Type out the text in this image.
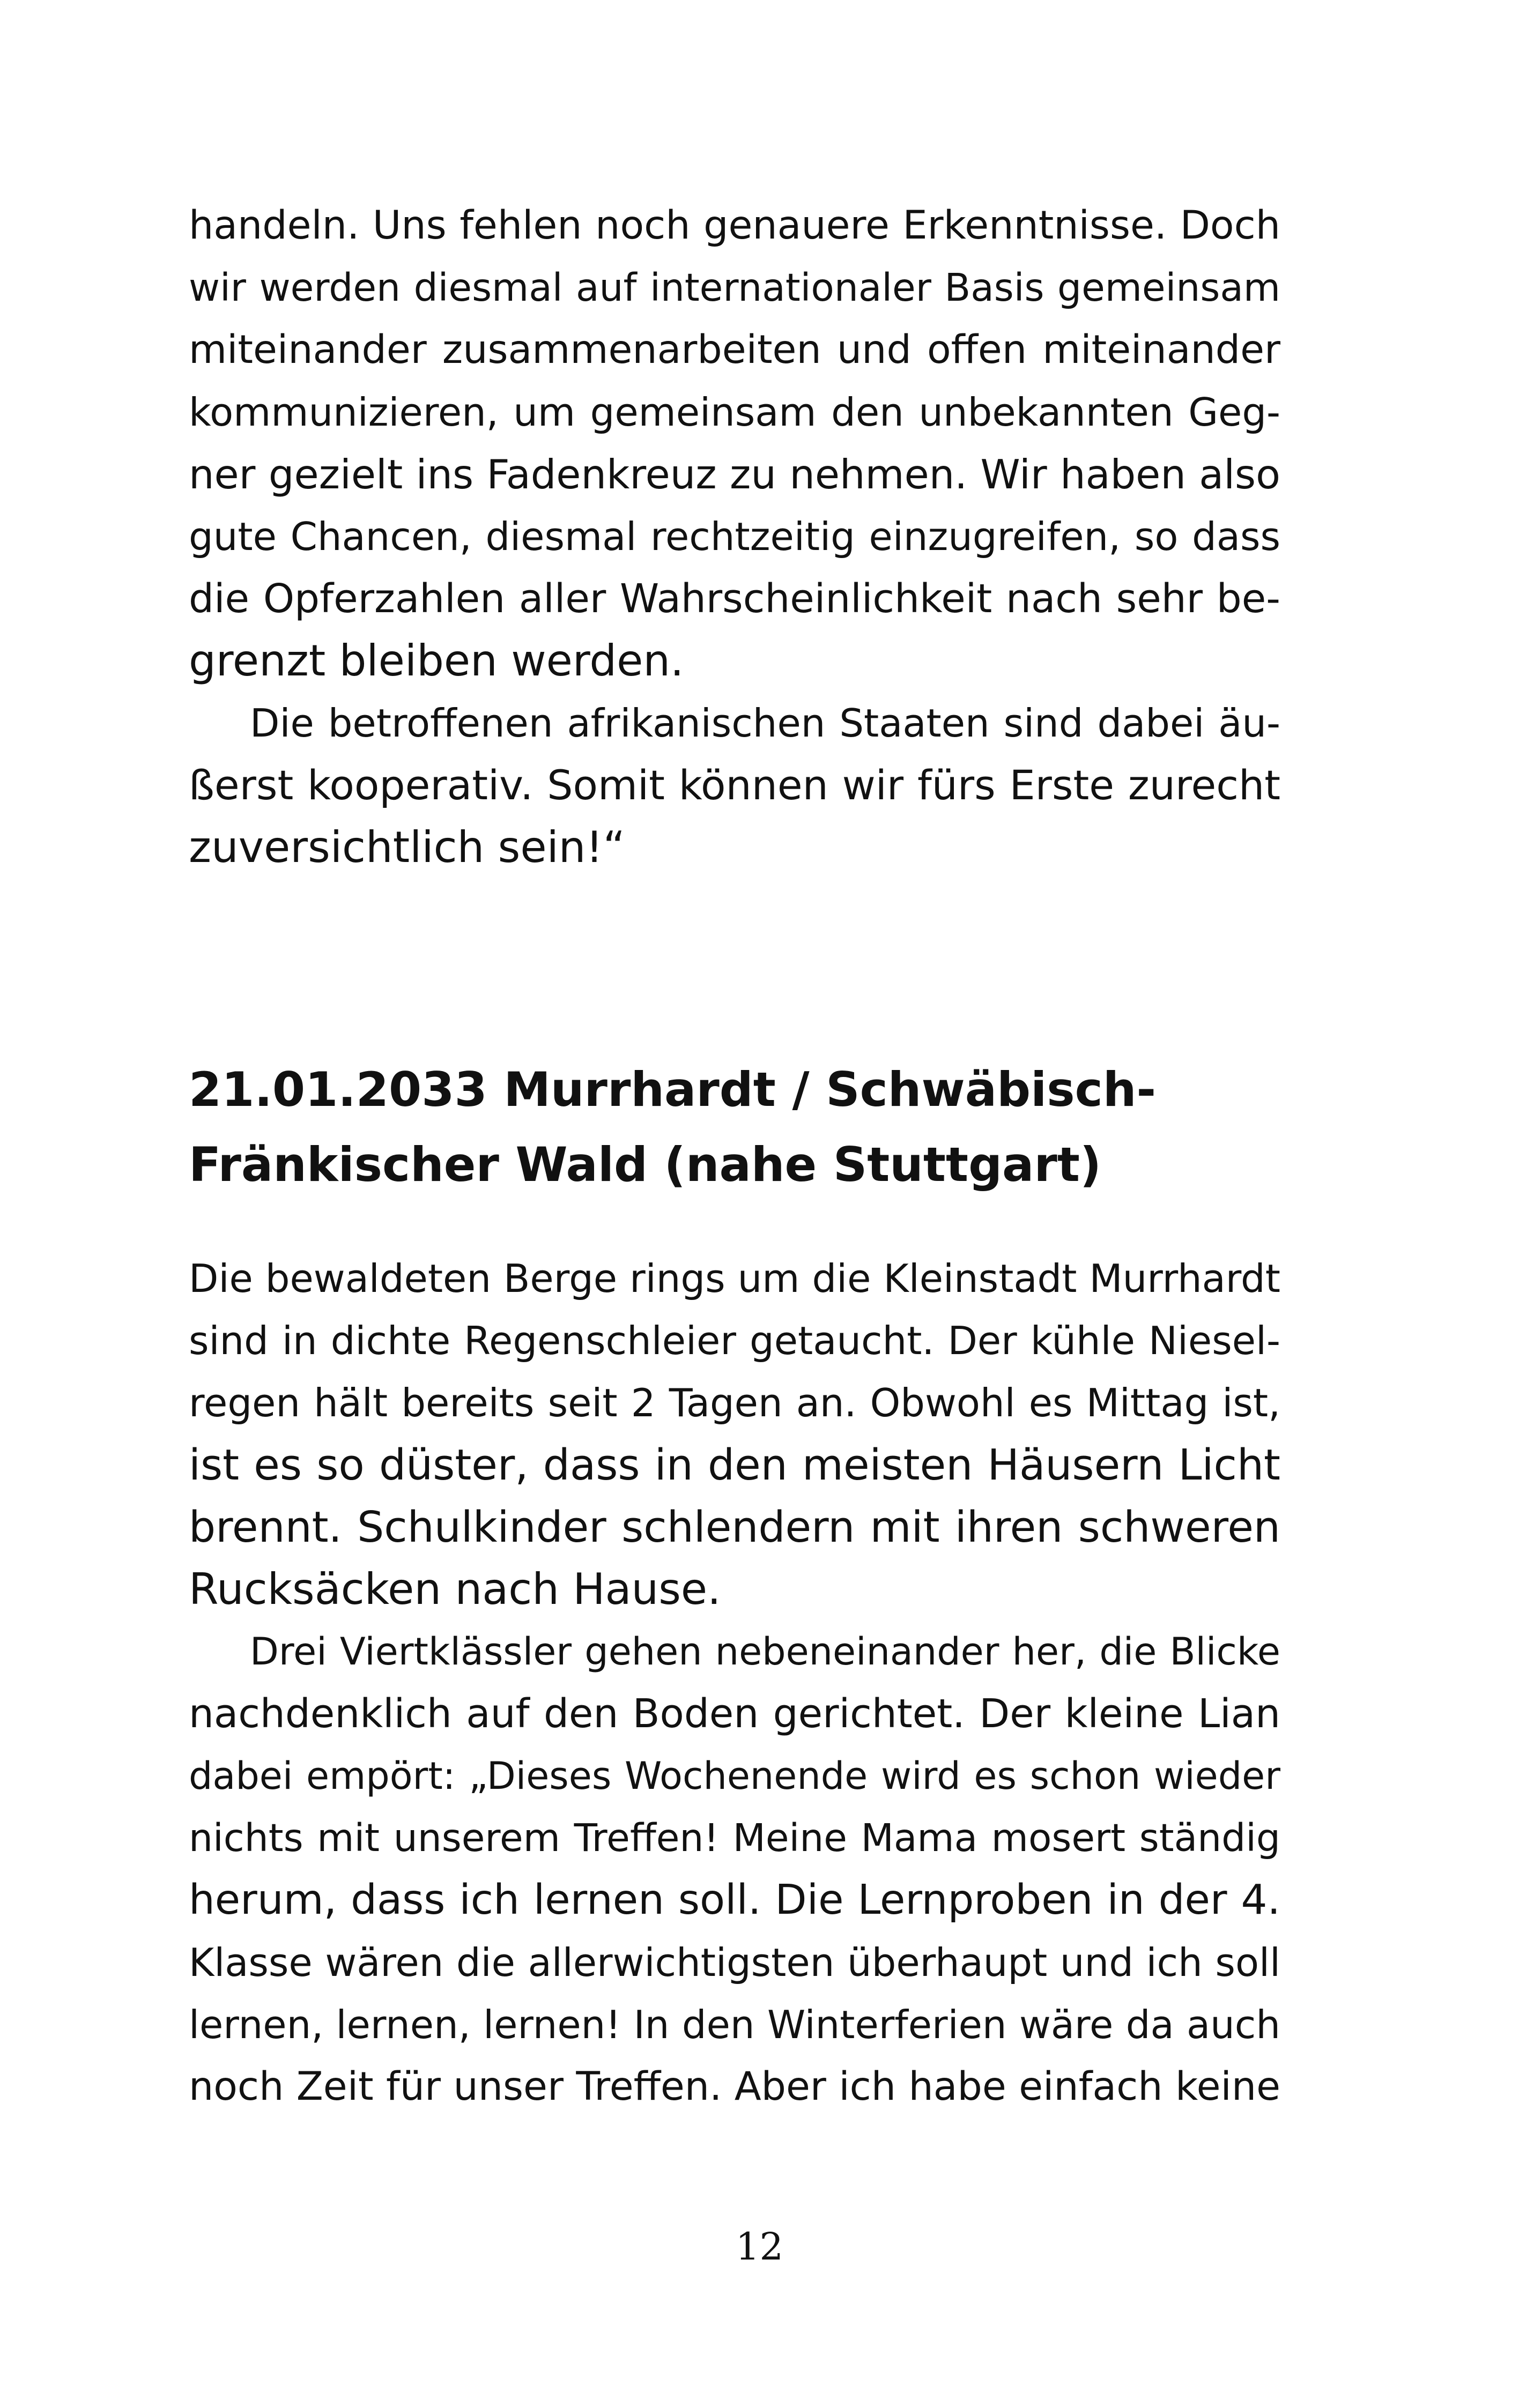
handeln. Uns fehlen noch genauere Erkenntnisse. Doch
wir werden diesmal auf internationaler Basis gemeinsam
miteinander zusammenarbeiten und offen miteinander
kommunizieren, um gemeinsam den unbekannten Geg-
ner gezielt ins Fadenkreuz zu nehmen. Wir haben also
gute Chancen, diesmal rechtzeitig einzugreifen, so dass
die Opferzahlen aller Wahrscheinlichkeit nach sehr be-
grenzt bleiben werden.
Die betroffenen afrikanischen Staaten sind dabei äu-
ßerst kooperativ. Somit können wir fürs Erste zurecht
zuversichtlich sein!“
21.01.2033 Murrhardt / Schwäbisch-
Fränkischer Wald (nahe Stuttgart)
Die bewaldeten Berge rings um die Kleinstadt Murrhardt
sind in dichte Regenschleier getaucht. Der kühle Niesel-
regen hält bereits seit 2 Tagen an. Obwohl es Mittag ist,
ist es so düster, dass in den meisten Häusern Licht
brennt. Schulkinder schlendern mit ihren schweren
Rucksäcken nach Hause.
Drei Viertklässler gehen nebeneinander her, die Blicke
nachdenklich auf den Boden gerichtet. Der kleine Lian
dabei empört: „Dieses Wochenende wird es schon wieder
nichts mit unserem Treffen! Meine Mama mosert ständig
herum, dass ich lernen soll. Die Lernproben in der 4.
Klasse wären die allerwichtigsten überhaupt und ich soll
lernen, lernen, lernen! In den Winterferien wäre da auch
noch Zeit für unser Treffen. Aber ich habe einfach keine
12
